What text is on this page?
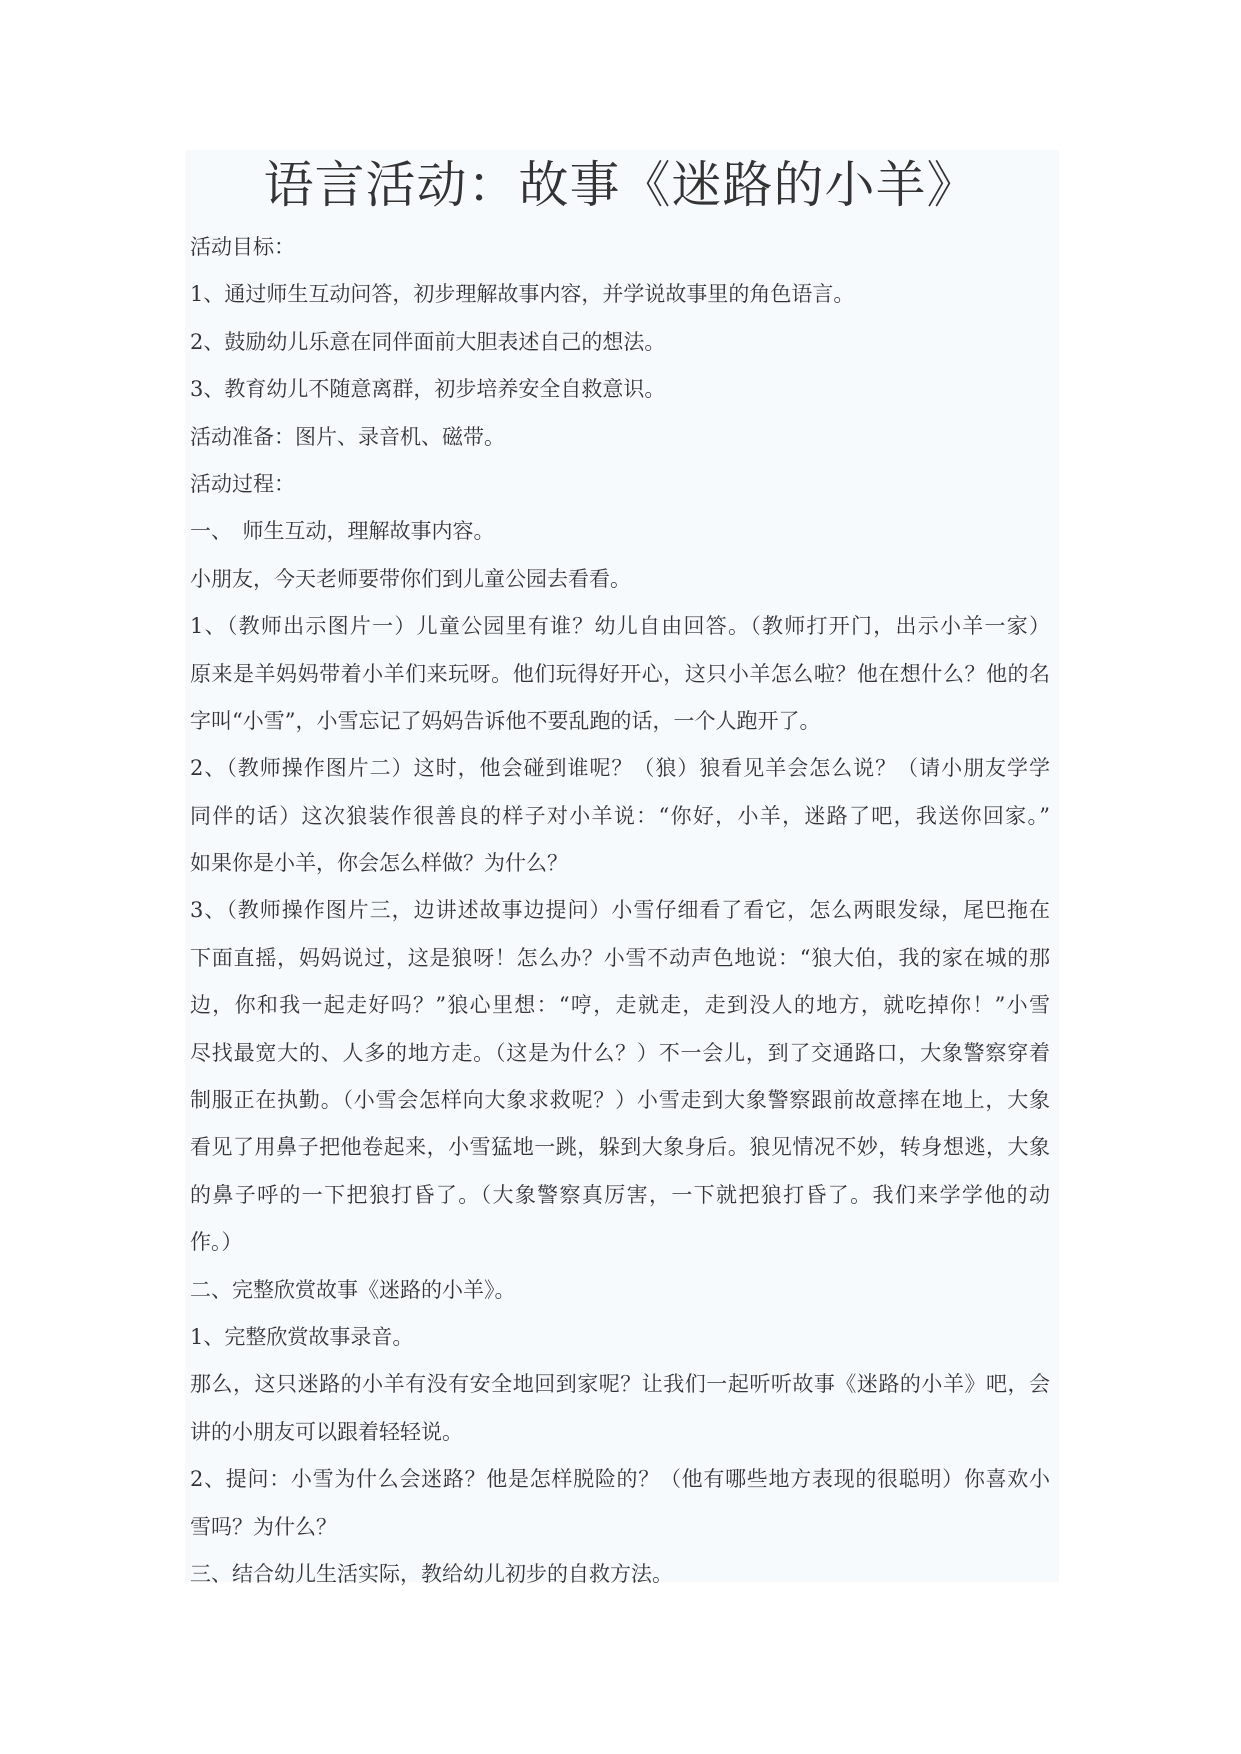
语言活动：故事《迷路的小羊》
活动目标：
1、通过师生互动问答，初步理解故事内容，并学说故事里的角色语言。
2、鼓励幼儿乐意在同伴面前大胆表述自己的想法。
3、教育幼儿不随意离群，初步培养安全自救意识。
活动准备：图片、录音机、磁带。
活动过程：
一、　师生互动，理解故事内容。
小朋友，今天老师要带你们到儿童公园去看看。
1、（教师出示图片一）儿童公园里有谁？幼儿自由回答。（教师打开门，出示小羊一家）
原来是羊妈妈带着小羊们来玩呀。他们玩得好开心，这只小羊怎么啦？他在想什么？他的名
字叫“小雪”，小雪忘记了妈妈告诉他不要乱跑的话，一个人跑开了。
2、（教师操作图片二）这时，他会碰到谁呢？（狼）狼看见羊会怎么说？（请小朋友学学
同伴的话）这次狼装作很善良的样子对小羊说：“你好，小羊，迷路了吧，我送你回家。”
如果你是小羊，你会怎么样做？为什么？
3、（教师操作图片三，边讲述故事边提问）小雪仔细看了看它，怎么两眼发绿，尾巴拖在
下面直摇，妈妈说过，这是狼呀！怎么办？小雪不动声色地说：“狼大伯，我的家在城的那
边，你和我一起走好吗？”狼心里想：“哼，走就走，走到没人的地方，就吃掉你！”小雪
尽找最宽大的、人多的地方走。（这是为什么？）不一会儿，到了交通路口，大象警察穿着
制服正在执勤。（小雪会怎样向大象求救呢？）小雪走到大象警察跟前故意摔在地上，大象
看见了用鼻子把他卷起来，小雪猛地一跳，躲到大象身后。狼见情况不妙，转身想逃，大象
的鼻子呼的一下把狼打昏了。（大象警察真厉害，一下就把狼打昏了。我们来学学他的动
作。）
二、完整欣赏故事《迷路的小羊》。
1、完整欣赏故事录音。
那么，这只迷路的小羊有没有安全地回到家呢？让我们一起听听故事《迷路的小羊》吧，会
讲的小朋友可以跟着轻轻说。
2、提问：小雪为什么会迷路？他是怎样脱险的？（他有哪些地方表现的很聪明）你喜欢小
雪吗？为什么？
三、结合幼儿生活实际，教给幼儿初步的自救方法。
